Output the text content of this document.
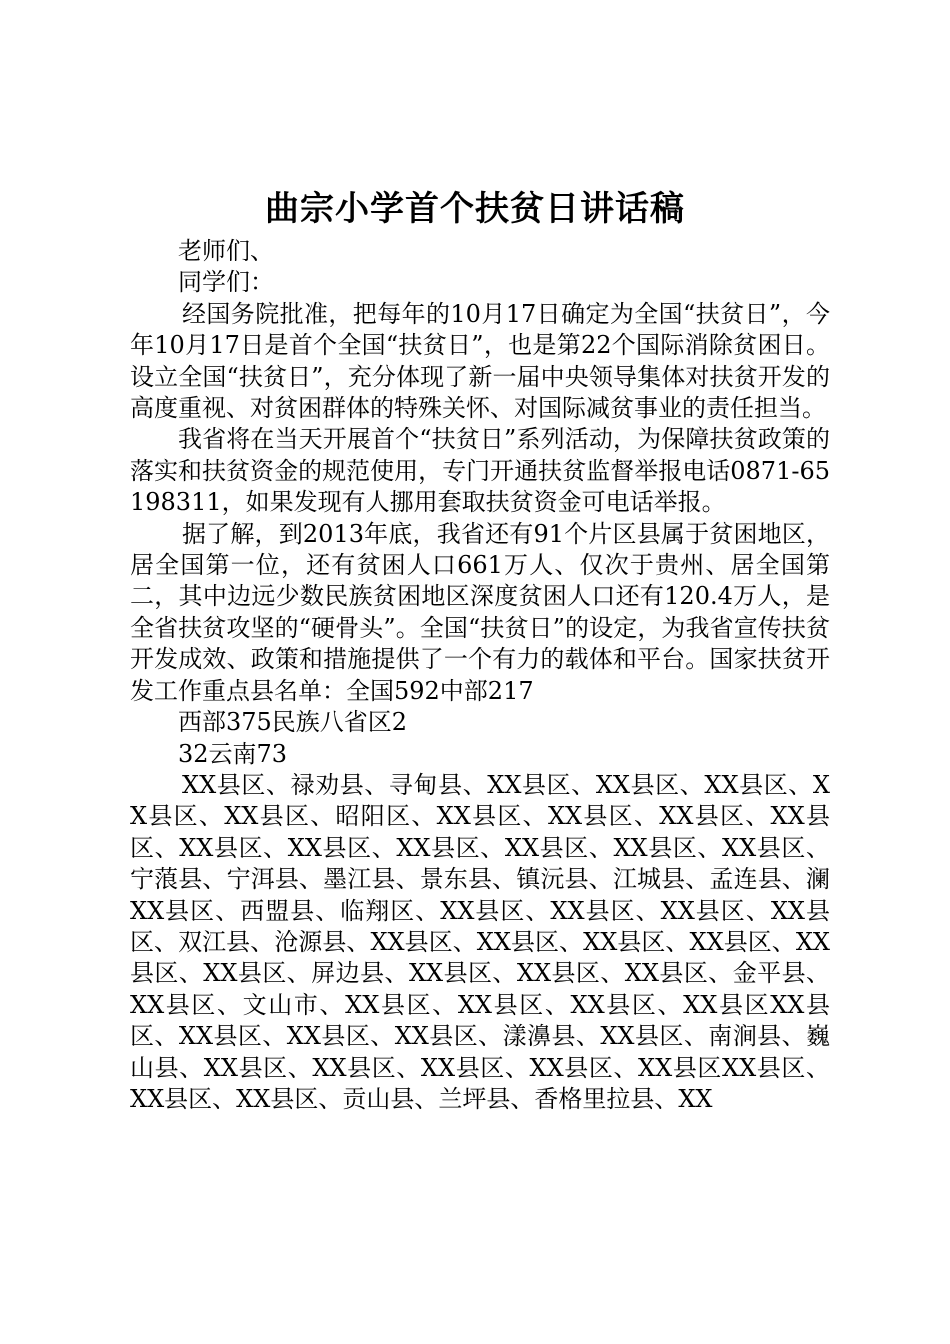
曲宗小学首个扶贫日讲话稿

老师们、

同学们：

经国务院批准，把每年的10月17日确定为全国“扶贫日”，今年10月17日是首个全国“扶贫日”，也是第22个国际消除贫困日。设立全国“扶贫日”，充分体现了新一届中央领导集体对扶贫开发的高度重视、对贫困群体的特殊关怀、对国际减贫事业的责任担当。

我省将在当天开展首个“扶贫日”系列活动，为保障扶贫政策的落实和扶贫资金的规范使用，专门开通扶贫监督举报电话0871-65198311，如果发现有人挪用套取扶贫资金可电话举报。

据了解，到2013年底，我省还有91个片区县属于贫困地区，居全国第一位，还有贫困人口661万人、仅次于贵州、居全国第二，其中边远少数民族贫困地区深度贫困人口还有120.4万人，是全省扶贫攻坚的“硬骨头”。全国“扶贫日”的设定，为我省宣传扶贫开发成效、政策和措施提供了一个有力的载体和平台。国家扶贫开发工作重点县名单：全国592中部217

西部375民族八省区2

32云南73

XX县区、禄劝县、寻甸县、XX县区、XX县区、XX县区、XX县区、XX县区、昭阳区、XX县区、XX县区、XX县区、XX县区、XX县区、XX县区、XX县区、XX县区、XX县区、XX县区、宁蒗县、宁洱县、墨江县、景东县、镇沅县、江城县、孟连县、澜XX县区、西盟县、临翔区、XX县区、XX县区、XX县区、XX县区、双江县、沧源县、XX县区、XX县区、XX县区、XX县区、XX县区、XX县区、屏边县、XX县区、XX县区、XX县区、金平县、XX县区、文山市、XX县区、XX县区、XX县区、XX县区XX县区、XX县区、XX县区、XX县区、漾濞县、XX县区、南涧县、巍山县、XX县区、XX县区、XX县区、XX县区、XX县区XX县区、XX县区、XX县区、贡山县、兰坪县、香格里拉县、XX
